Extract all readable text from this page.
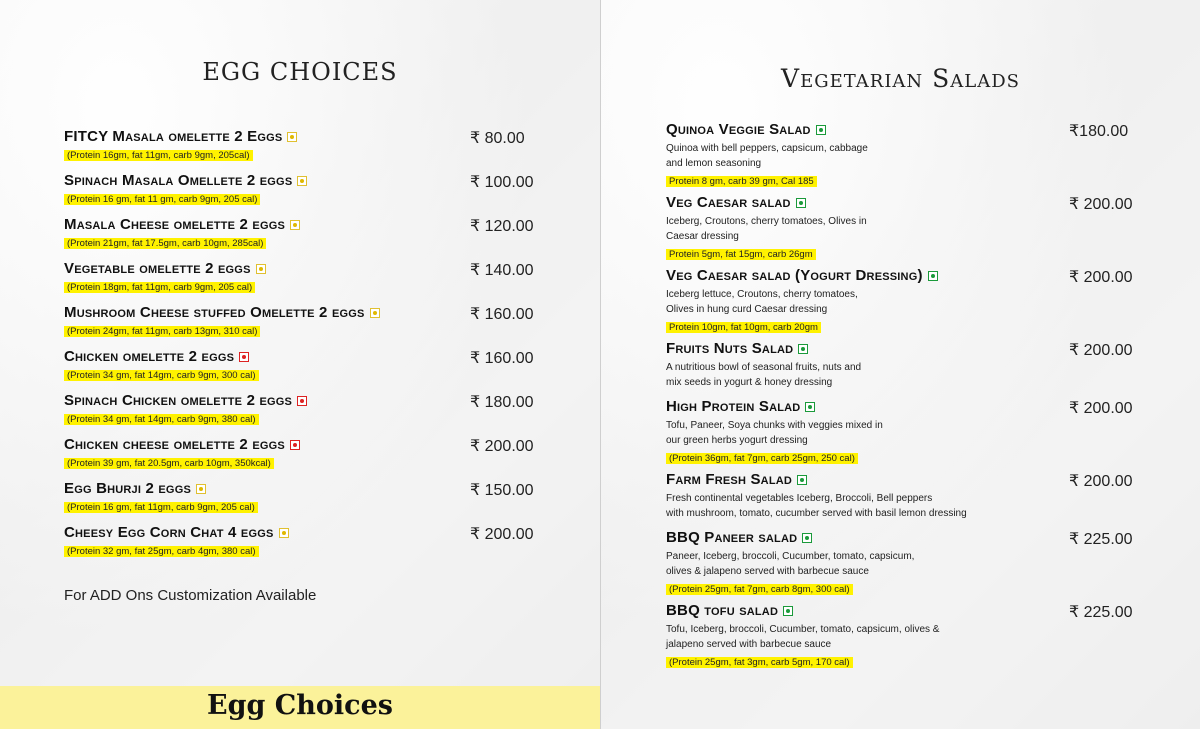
EGG CHOICES
FITCY Masala omelette 2 Eggs
(Protein 16gm, fat 11gm, carb 9gm, 205cal)
₹ 80.00
Spinach Masala Omellete 2 eggs
(Protein 16 gm, fat 11 gm, carb 9gm, 205 cal)
₹ 100.00
Masala Cheese omelette 2 eggs
(Protein 21gm, fat 17.5gm, carb 10gm, 285cal)
₹ 120.00
Vegetable omelette 2 eggs
(Protein 18gm, fat 11gm, carb 9gm, 205 cal)
₹ 140.00
Mushroom Cheese stuffed Omelette 2 eggs
(Protein 24gm, fat 11gm, carb 13gm, 310 cal)
₹ 160.00
Chicken omelette 2 eggs
(Protein 34 gm, fat 14gm, carb 9gm, 300 cal)
₹ 160.00
Spinach Chicken omelette 2 eggs
(Protein 34 gm, fat 14gm, carb 9gm, 380 cal)
₹ 180.00
Chicken cheese omelette 2 eggs
(Protein 39 gm, fat 20.5gm, carb 10gm, 350kcal)
₹ 200.00
Egg Bhurji 2 eggs
(Protein 16 gm, fat 11gm, carb 9gm, 205 cal)
₹ 150.00
Cheesy Egg Corn Chat 4 eggs
(Protein 32 gm, fat 25gm, carb 4gm, 380 cal)
₹ 200.00
For ADD Ons Customization Available
Egg Choices
Vegetarian Salads
Quinoa Veggie Salad
Quinoa with bell peppers, capsicum, cabbage
and lemon seasoning
Protein 8 gm, carb 39 gm, Cal 185
₹180.00
Veg Caesar salad
Iceberg, Croutons, cherry tomatoes, Olives in
Caesar dressing
Protein 5gm, fat 15gm, carb 26gm
₹ 200.00
Veg Caesar salad (Yogurt Dressing)
Iceberg lettuce, Croutons, cherry tomatoes,
Olives in hung curd Caesar dressing
Protein 10gm, fat 10gm, carb 20gm
₹ 200.00
Fruits Nuts Salad
A nutritious bowl of seasonal fruits, nuts and
mix seeds in yogurt & honey dressing
₹ 200.00
High Protein Salad
Tofu, Paneer, Soya chunks with veggies mixed in
our green herbs yogurt dressing
(Protein 36gm, fat 7gm, carb 25gm, 250 cal)
₹ 200.00
Farm Fresh Salad
Fresh continental vegetables Iceberg, Broccoli, Bell peppers
with mushroom, tomato, cucumber served with basil lemon dressing
₹ 200.00
BBQ Paneer salad
Paneer, Iceberg, broccoli, Cucumber, tomato, capsicum,
olives & jalapeno served with barbecue sauce
(Protein 25gm, fat 7gm, carb 8gm, 300 cal)
₹ 225.00
BBQ tofu salad
Tofu, Iceberg, broccoli, Cucumber, tomato, capsicum, olives &
jalapeno served with barbecue sauce
(Protein 25gm, fat 3gm, carb 5gm, 170 cal)
₹ 225.00
